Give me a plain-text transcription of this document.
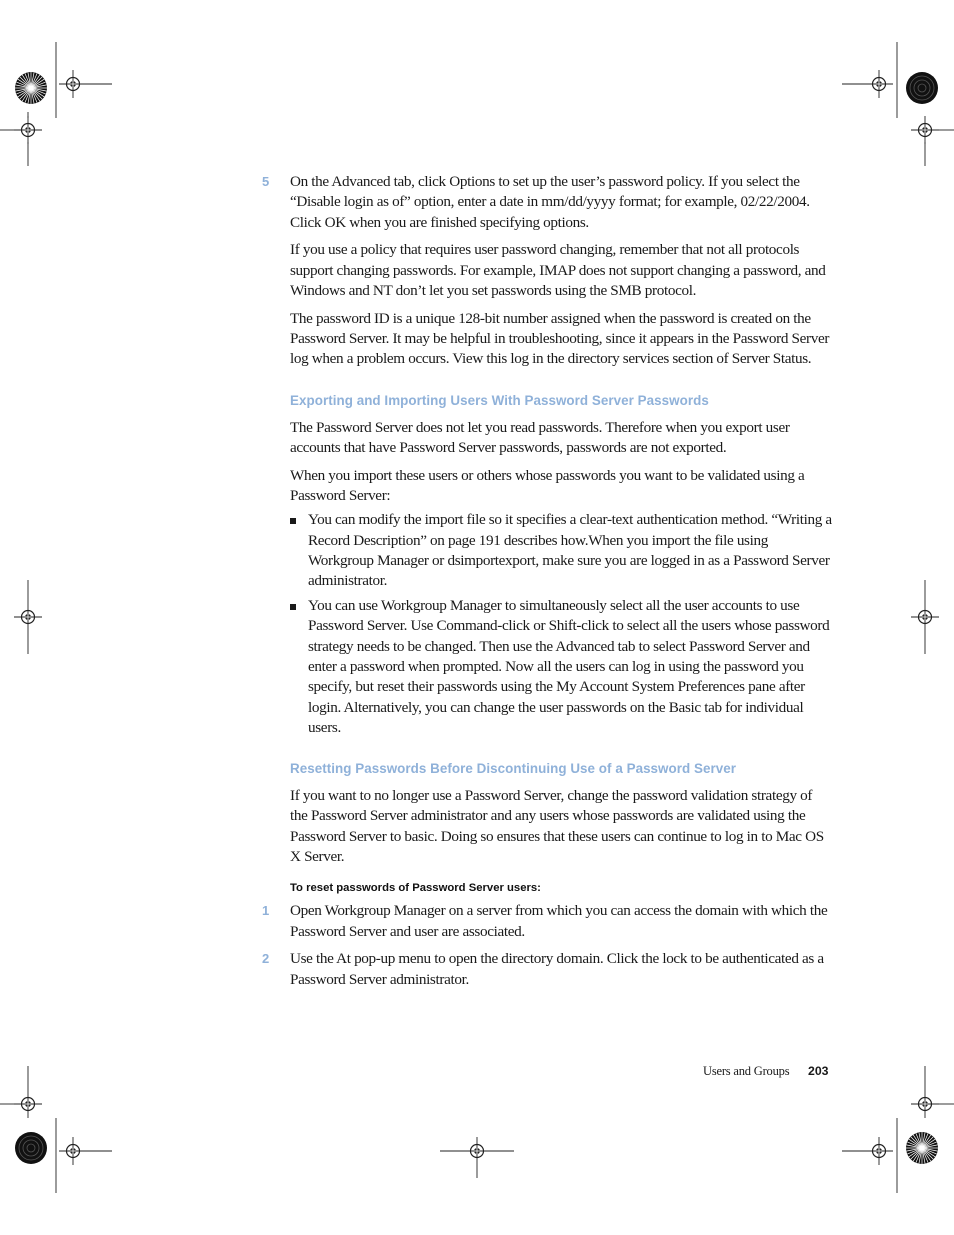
5 On the Advanced tab, click Options to set up the user’s password policy. If you select the “Disable login as of” option, enter a date in mm/dd/yyyy format; for example, 02/22/2004. Click OK when you are finished specifying options.

If you use a policy that requires user password changing, remember that not all protocols support changing passwords. For example, IMAP does not support changing a password, and Windows and NT don’t let you set passwords using the SMB protocol.

The password ID is a unique 128-bit number assigned when the password is created on the Password Server. It may be helpful in troubleshooting, since it appears in the Password Server log when a problem occurs. View this log in the directory services section of Server Status.

Exporting and Importing Users With Password Server Passwords

The Password Server does not let you read passwords. Therefore when you export user accounts that have Password Server passwords, passwords are not exported.

When you import these users or others whose passwords you want to be validated using a Password Server:

You can modify the import file so it specifies a clear-text authentication method. “Writing a Record Description” on page 191 describes how.When you import the file using Workgroup Manager or dsimportexport, make sure you are logged in as a Password Server administrator.
You can use Workgroup Manager to simultaneously select all the user accounts to use Password Server. Use Command-click or Shift-click to select all the users whose password strategy needs to be changed. Then use the Advanced tab to select Password Server and enter a password when prompted. Now all the users can log in using the password you specify, but reset their passwords using the My Account System Preferences pane after login. Alternatively, you can change the user passwords on the Basic tab for individual users.
Resetting Passwords Before Discontinuing Use of a Password Server

If you want to no longer use a Password Server, change the password validation strategy of the Password Server administrator and any users whose passwords are validated using the Password Server to basic. Doing so ensures that these users can continue to log in to Mac OS X Server.

To reset passwords of Password Server users:
1 Open Workgroup Manager on a server from which you can access the domain with which the Password Server and user are associated.
2 Use the At pop-up menu to open the directory domain. Click the lock to be authenticated as a Password Server administrator.
Users and Groups 203
